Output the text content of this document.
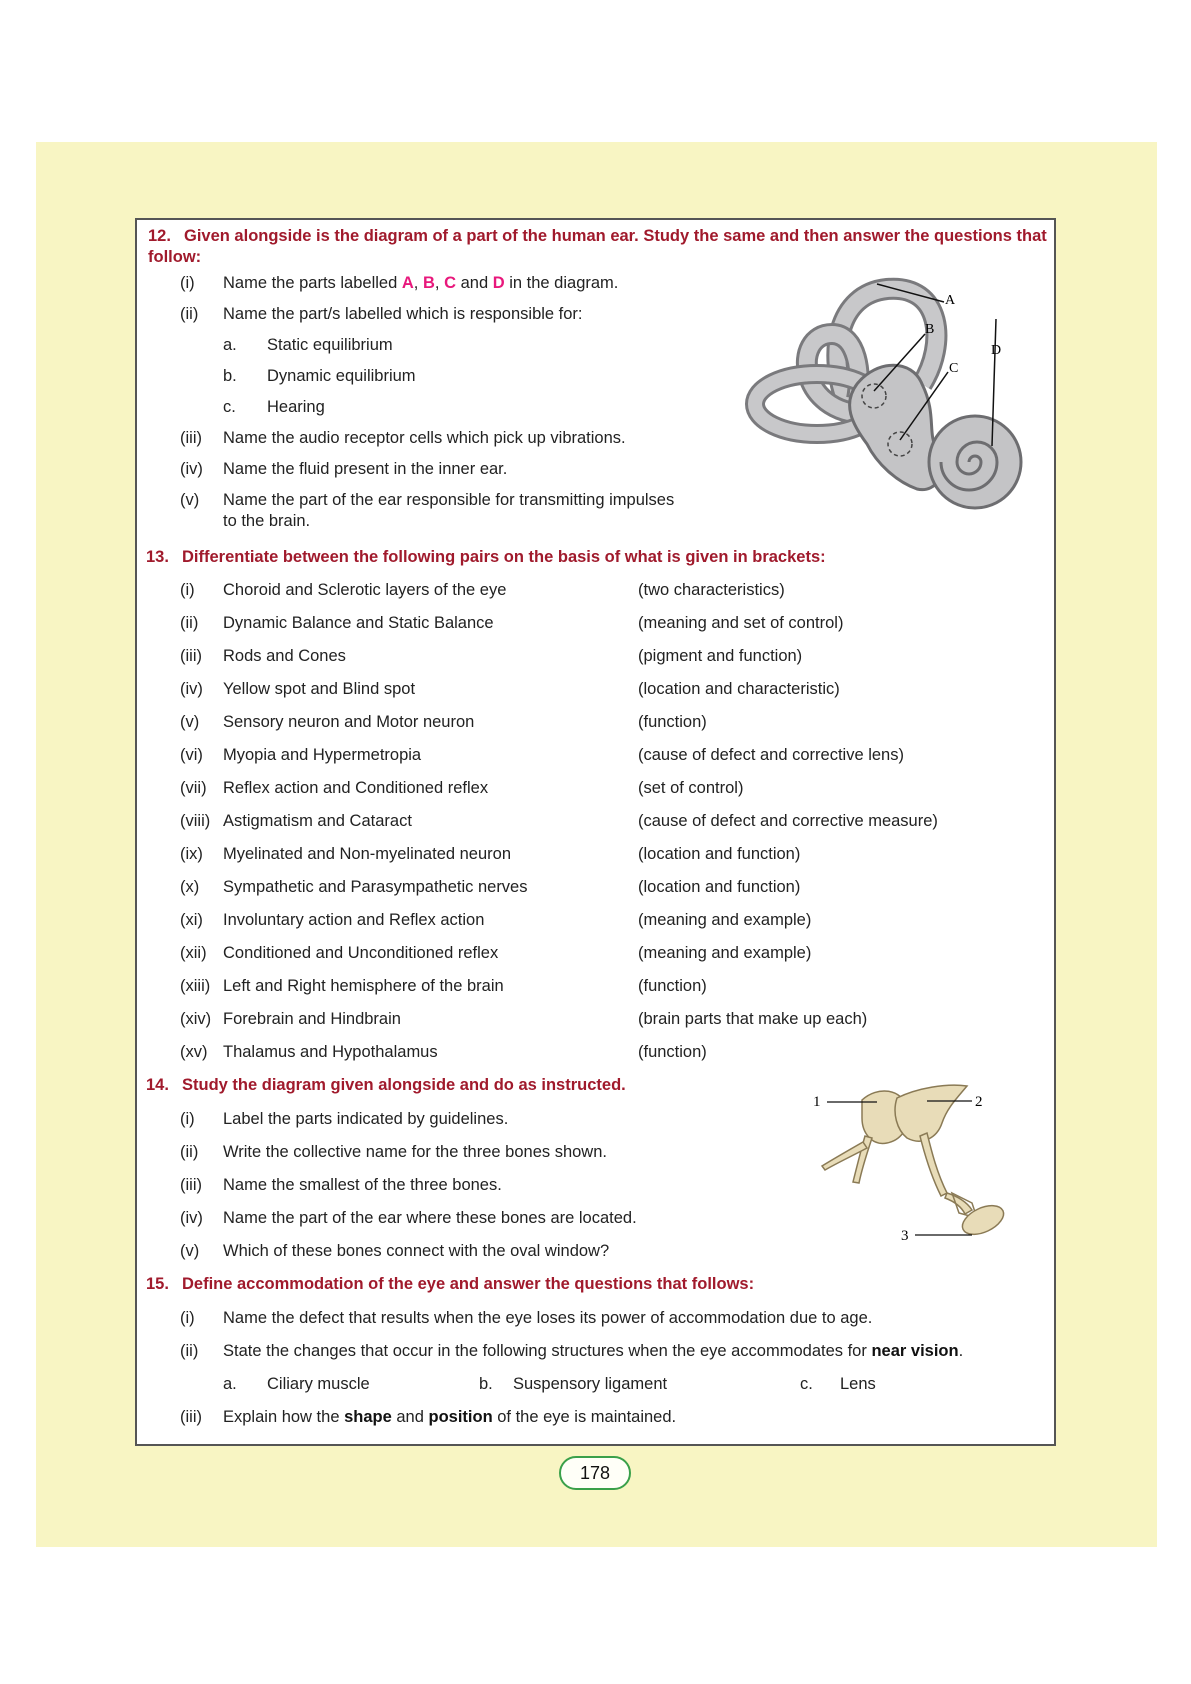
12. Given alongside is the diagram of a part of the human ear. Study the same and then answer the questions that follow:
(i) Name the parts labelled A, B, C and D in the diagram.
(ii) Name the part/s labelled which is responsible for:
a. Static equilibrium
b. Dynamic equilibrium
c. Hearing
(iii) Name the audio receptor cells which pick up vibrations.
(iv) Name the fluid present in the inner ear.
(v) Name the part of the ear responsible for transmitting impulses
to the brain.
A
B
C
D
13. Differentiate between the following pairs on the basis of what is given in brackets:
(i) Choroid and Sclerotic layers of the eye	(two characteristics)
(ii) Dynamic Balance and Static Balance	(meaning and set of control)
(iii) Rods and Cones	(pigment and function)
(iv) Yellow spot and Blind spot	(location and characteristic)
(v) Sensory neuron and Motor neuron	(function)
(vi) Myopia and Hypermetropia	(cause of defect and corrective lens)
(vii) Reflex action and Conditioned reflex	(set of control)
(viii) Astigmatism and Cataract	(cause of defect and corrective measure)
(ix) Myelinated and Non-myelinated neuron	(location and function)
(x) Sympathetic and Parasympathetic nerves	(location and function)
(xi) Involuntary action and Reflex action	(meaning and example)
(xii) Conditioned and Unconditioned reflex	(meaning and example)
(xiii) Left and Right hemisphere of the brain	(function)
(xiv) Forebrain and Hindbrain	(brain parts that make up each)
(xv) Thalamus and Hypothalamus	(function)
14. Study the diagram given alongside and do as instructed.
(i) Label the parts indicated by guidelines.
(ii) Write the collective name for the three bones shown.
(iii) Name the smallest of the three bones.
(iv) Name the part of the ear where these bones are located.
(v) Which of these bones connect with the oval window?
1	2
3
15. Define accommodation of the eye and answer the questions that follows:
(i) Name the defect that results when the eye loses its power of accommodation due to age.
(ii) State the changes that occur in the following structures when the eye accommodates for near vision.
a. Ciliary muscle	b. Suspensory ligament	c. Lens
(iii) Explain how the shape and position of the eye is maintained.
178
